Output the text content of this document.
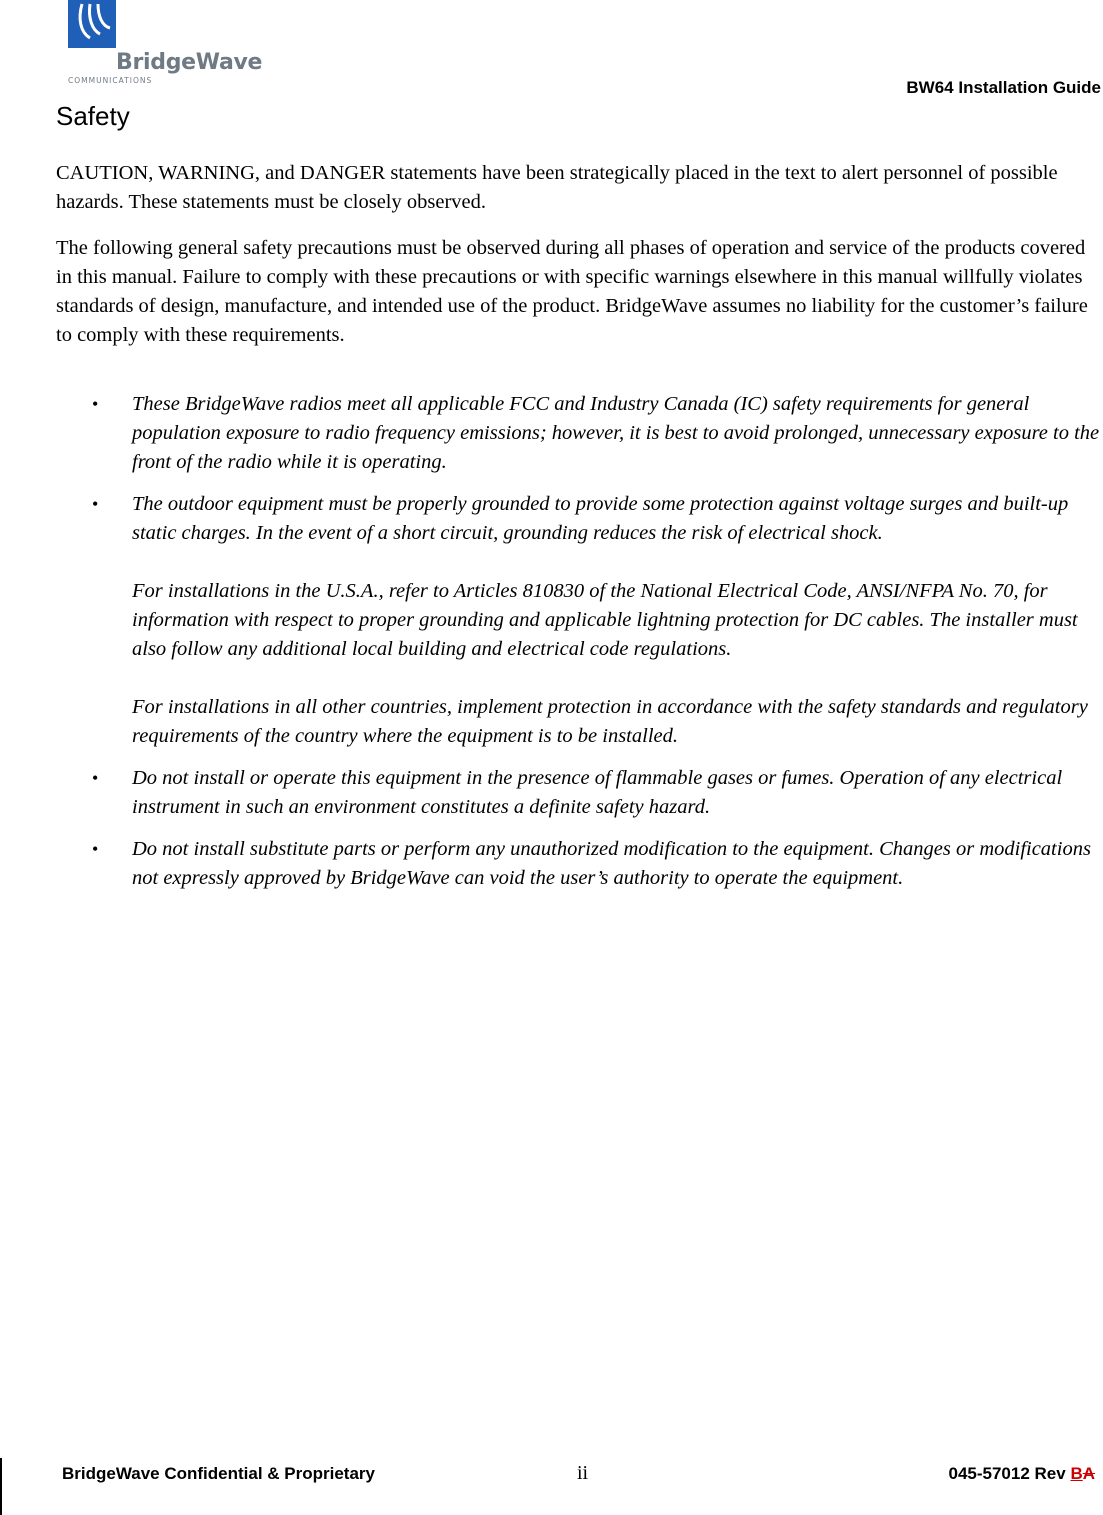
BridgeWave
COMMUNICATIONS	BW64 Installation Guide
Safety

CAUTION, WARNING, and DANGER statements have been strategically placed in the text to alert personnel of possible hazards. These statements must be closely observed.

The following general safety precautions must be observed during all phases of operation and service of the products covered in this manual. Failure to comply with these precautions or with specific warnings elsewhere in this manual willfully violates standards of design, manufacture, and intended use of the product. BridgeWave assumes no liability for the customer’s failure to comply with these requirements.

• These BridgeWave radios meet all applicable FCC and Industry Canada (IC) safety requirements for general population exposure to radio frequency emissions; however, it is best to avoid prolonged, unnecessary exposure to the front of the radio while it is operating.
• The outdoor equipment must be properly grounded to provide some protection against voltage surges and built-up static charges. In the event of a short circuit, grounding reduces the risk of electrical shock.
For installations in the U.S.A., refer to Articles 810830 of the National Electrical Code, ANSI/NFPA No. 70, for information with respect to proper grounding and applicable lightning protection for DC cables. The installer must also follow any additional local building and electrical code regulations.
For installations in all other countries, implement protection in accordance with the safety standards and regulatory requirements of the country where the equipment is to be installed.
• Do not install or operate this equipment in the presence of flammable gases or fumes. Operation of any electrical instrument in such an environment constitutes a definite safety hazard.
• Do not install substitute parts or perform any unauthorized modification to the equipment. Changes or modifications not expressly approved by BridgeWave can void the user’s authority to operate the equipment.
BridgeWave Confidential & Proprietary	ii	045-57012 Rev BA
